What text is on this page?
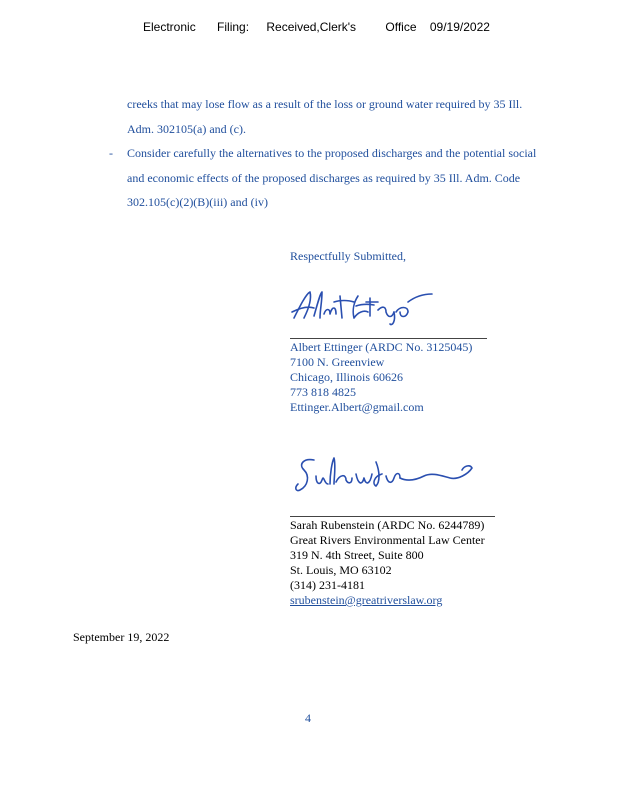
Electronic Filing: Received,Clerk's Office 09/19/2022
creeks that may lose flow as a result of the loss or ground water required by 35 Ill.
Adm. 302105(a) and (c).
- Consider carefully the alternatives to the proposed discharges and the potential social
and economic effects of the proposed discharges as required by 35 Ill. Adm. Code
302.105(c)(2)(B)(iii) and (iv)
Respectfully Submitted,
Albert Ettinger (ARDC No. 3125045)
7100 N. Greenview
Chicago, Illinois 60626
773 818 4825
Ettinger.Albert@gmail.com
Sarah Rubenstein (ARDC No. 6244789)
Great Rivers Environmental Law Center
319 N. 4th Street, Suite 800
St. Louis, MO 63102
(314) 231-4181
srubenstein@greatriverslaw.org
September 19, 2022
4
